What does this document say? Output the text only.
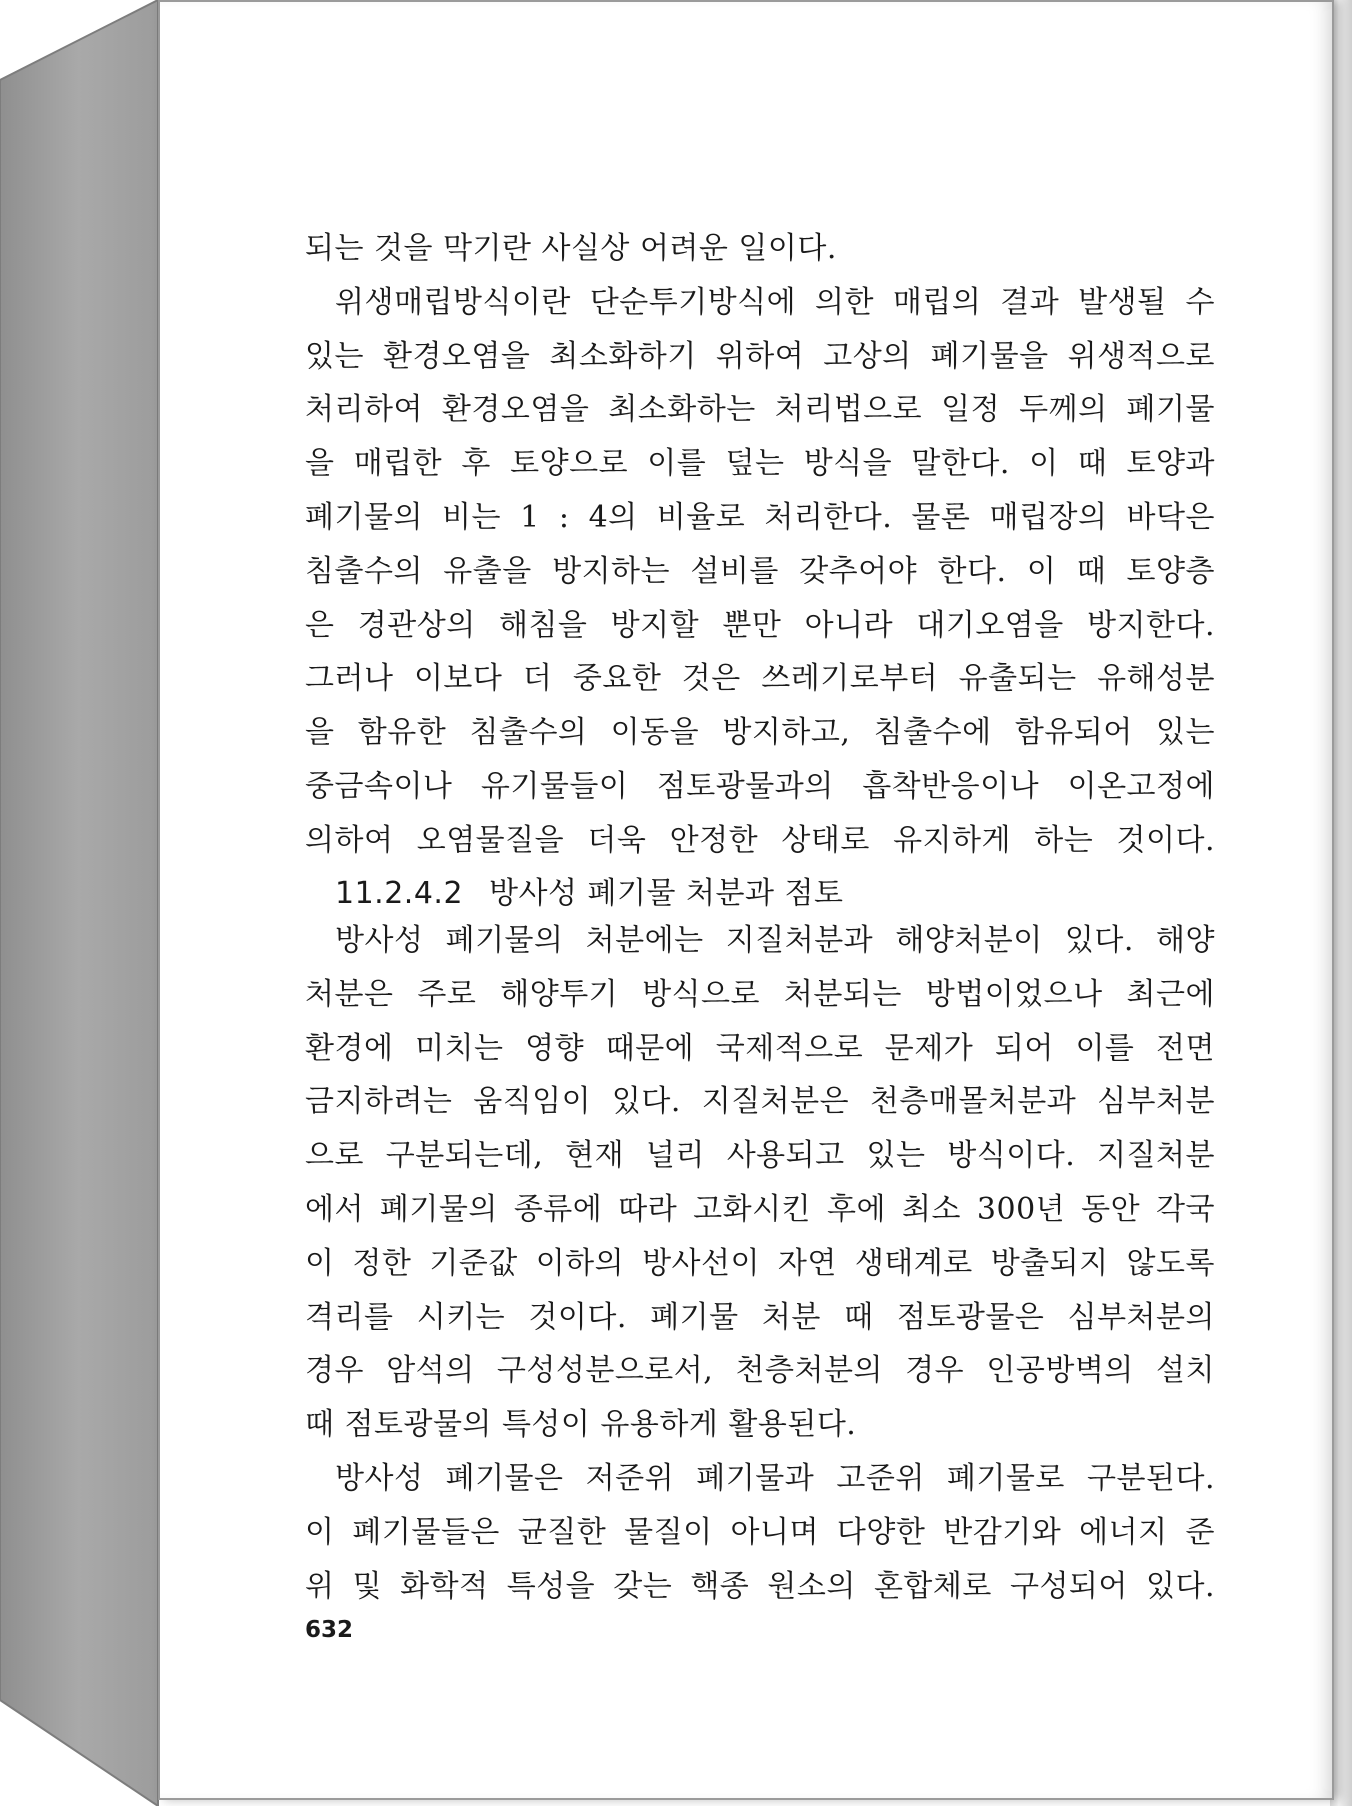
되는 것을 막기란 사실상 어려운 일이다.
위생매립방식이란 단순투기방식에 의한 매립의 결과 발생될 수
있는 환경오염을 최소화하기 위하여 고상의 폐기물을 위생적으로
처리하여 환경오염을 최소화하는 처리법으로 일정 두께의 폐기물
을 매립한 후 토양으로 이를 덮는 방식을 말한다. 이 때 토양과
폐기물의 비는 1 : 4의 비율로 처리한다. 물론 매립장의 바닥은
침출수의 유출을 방지하는 설비를 갖추어야 한다. 이 때 토양층
은 경관상의 해침을 방지할 뿐만 아니라 대기오염을 방지한다.
그러나 이보다 더 중요한 것은 쓰레기로부터 유출되는 유해성분
을 함유한 침출수의 이동을 방지하고, 침출수에 함유되어 있는
중금속이나 유기물들이 점토광물과의 흡착반응이나 이온고정에
의하여 오염물질을 더욱 안정한 상태로 유지하게 하는 것이다.
11.2.4.2 방사성 폐기물 처분과 점토
방사성 폐기물의 처분에는 지질처분과 해양처분이 있다. 해양
처분은 주로 해양투기 방식으로 처분되는 방법이었으나 최근에
환경에 미치는 영향 때문에 국제적으로 문제가 되어 이를 전면
금지하려는 움직임이 있다. 지질처분은 천층매몰처분과 심부처분
으로 구분되는데, 현재 널리 사용되고 있는 방식이다. 지질처분
에서 폐기물의 종류에 따라 고화시킨 후에 최소 300년 동안 각국
이 정한 기준값 이하의 방사선이 자연 생태계로 방출되지 않도록
격리를 시키는 것이다. 폐기물 처분 때 점토광물은 심부처분의
경우 암석의 구성성분으로서, 천층처분의 경우 인공방벽의 설치
때 점토광물의 특성이 유용하게 활용된다.
방사성 폐기물은 저준위 폐기물과 고준위 폐기물로 구분된다.
이 폐기물들은 균질한 물질이 아니며 다양한 반감기와 에너지 준
위 및 화학적 특성을 갖는 핵종 원소의 혼합체로 구성되어 있다.
632
